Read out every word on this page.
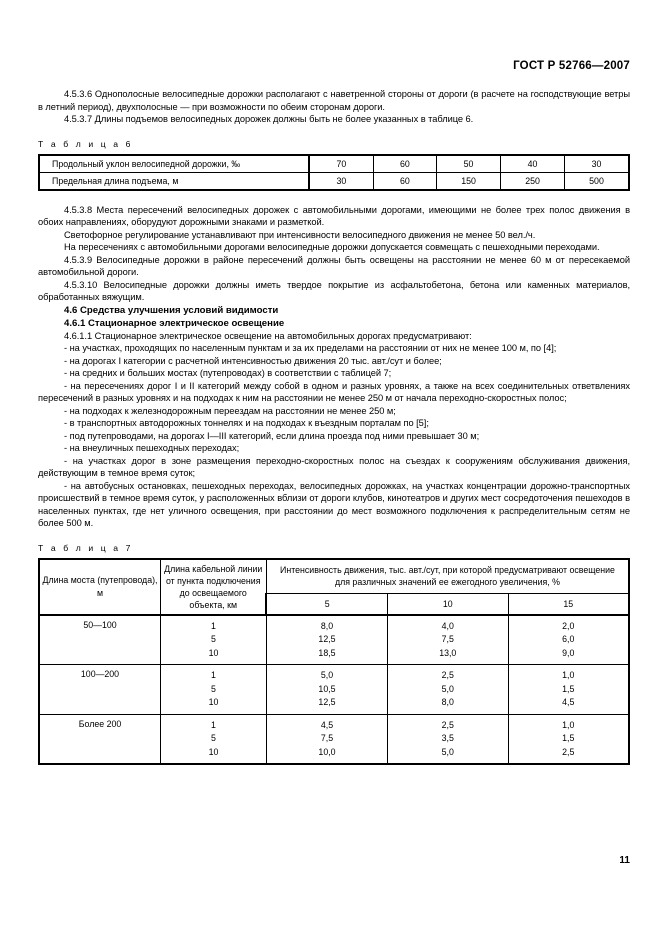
ГОСТ Р 52766—2007

4.5.3.6 Однополосные велосипедные дорожки располагают с наветренной стороны от дороги (в расчете на господствующие ветры в летний период), двухполосные — при возможности по обеим сторонам дороги.

4.5.3.7 Длины подъемов велосипедных дорожек должны быть не более указанных в таблице 6.

Т а б л и ц а 6
Продольный уклон велосипедной дорожки, ‰	70	60	50	40	30
Предельная длина подъема, м	30	60	150	250	500

4.5.3.8 Места пересечений велосипедных дорожек с автомобильными дорогами, имеющими не более трех полос движения в обоих направлениях, оборудуют дорожными знаками и разметкой.

Светофорное регулирование устанавливают при интенсивности велосипедного движения не менее 50 вел./ч.

На пересечениях с автомобильными дорогами велосипедные дорожки допускается совмещать с пешеходными переходами.

4.5.3.9 Велосипедные дорожки в районе пересечений должны быть освещены на расстоянии не менее 60 м от пересекаемой автомобильной дороги.

4.5.3.10 Велосипедные дорожки должны иметь твердое покрытие из асфальтобетона, бетона или каменных материалов, обработанных вяжущим.

4.6 Средства улучшения условий видимости
4.6.1 Стационарное электрическое освещение

4.6.1.1 Стационарное электрическое освещение на автомобильных дорогах предусматривают:

- на участках, проходящих по населенным пунктам и за их пределами на расстоянии от них не менее 100 м, по [4];

- на дорогах I категории с расчетной интенсивностью движения 20 тыс. авт./сут и более;

- на средних и больших мостах (путепроводах) в соответствии с таблицей 7;

- на пересечениях дорог I и II категорий между собой в одном и разных уровнях, а также на всех соединительных ответвлениях пересечений в разных уровнях и на подходах к ним на расстоянии не менее 250 м от начала переходно-скоростных полос;

- на подходах к железнодорожным переездам на расстоянии не менее 250 м;

- в транспортных автодорожных тоннелях и на подходах к въездным порталам по [5];

- под путепроводами, на дорогах I—III категорий, если длина проезда под ними превышает 30 м;

- на внеуличных пешеходных переходах;

- на участках дорог в зоне размещения переходно-скоростных полос на съездах к сооружениям обслуживания движения, действующим в темное время суток;

- на автобусных остановках, пешеходных переходах, велосипедных дорожках, на участках концентрации дорожно-транспортных происшествий в темное время суток, у расположенных вблизи от дороги клубов, кинотеатров и других мест сосредоточения пешеходов в населенных пунктах, где нет уличного освещения, при расстоянии до мест возможного подключения к распределительным сетям не более 500 м.

Т а б л и ц а 7
Длина моста (путепровода), м	Длина кабельной линии от пункта подключения до освещаемого объекта, км	Интенсивность движения, тыс. авт./сут, при которой предусматривают освещение для различных значений ее ежегодного увеличения, %		
		5	10	15
50—100	1
5
10	8,0
12,5
18,5	4,0
7,5
13,0	2,0
6,0
9,0

100—200	1
5
10	5,0
10,5
12,5	2,5
5,0
8,0	1,0
1,5
4,5

Более 200	1
5
10	4,5
7,5
10,0	2,5
3,5
5,0	1,0
1,5
2,5
11
